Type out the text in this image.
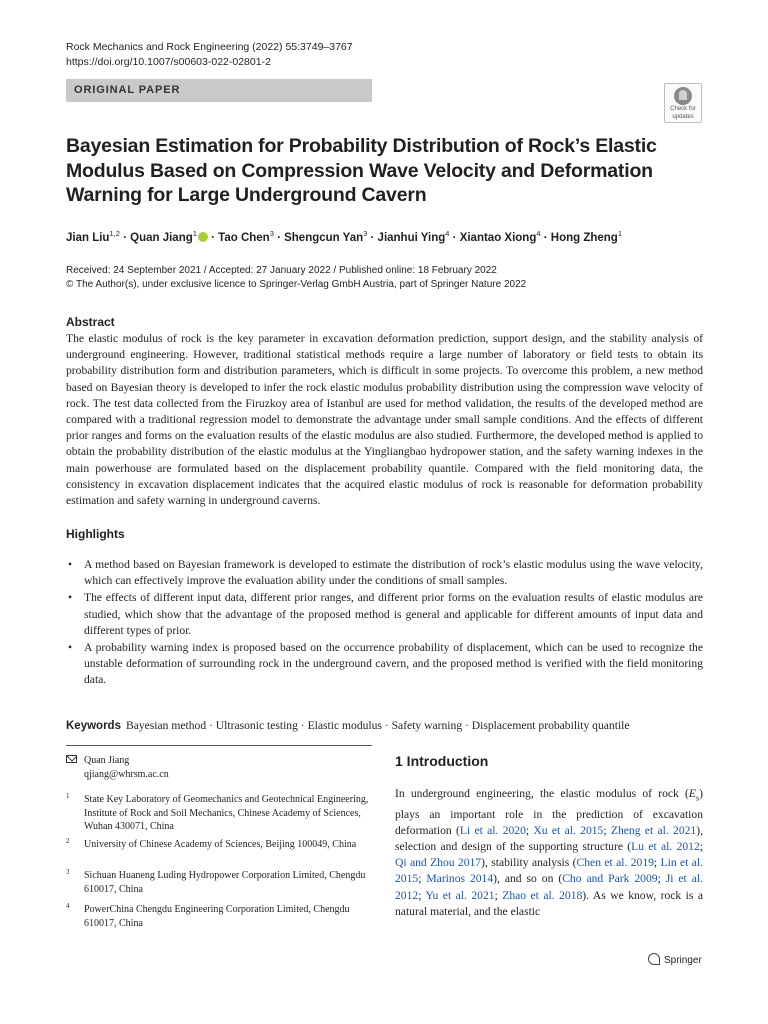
Rock Mechanics and Rock Engineering (2022) 55:3749–3767
https://doi.org/10.1007/s00603-022-02801-2
ORIGINAL PAPER
Check for
updates
Bayesian Estimation for Probability Distribution of Rock’s Elastic Modulus Based on Compression Wave Velocity and Deformation Warning for Large Underground Cavern
Jian Liu$^{1,2}$ · Quan Jiang$^1$ · Tao Chen$^3$ · Shengcun Yan$^3$ · Jianhui Ying$^4$ · Xiantao Xiong$^4$ · Hong Zheng$^1$
Received: 24 September 2021 / Accepted: 27 January 2022 / Published online: 18 February 2022
© The Author(s), under exclusive licence to Springer-Verlag GmbH Austria, part of Springer Nature 2022
Abstract
The elastic modulus of rock is the key parameter in excavation deformation prediction, support design, and the stability analysis of underground engineering. However, traditional statistical methods require a large number of laboratory or field tests to obtain its probability distribution form and distribution parameters, which is difficult in some projects. To overcome this problem, a new method based on Bayesian theory is developed to infer the rock elastic modulus probability distribution using the compression wave velocity of rock. The test data collected from the Firuzkoy area of Istanbul are used for method validation, the results of the developed method are compared with a traditional regression model to demonstrate the advantage under small sample conditions. And the effects of different prior ranges and forms on the evaluation results of the elastic modulus are also studied. Furthermore, the developed method is applied to obtain the probability distribution of the elastic modulus at the Yingliangbao hydropower station, and the safety warning indexes in the main powerhouse are formulated based on the displacement probability quantile. Compared with the field monitoring data, the consistency in excavation displacement indicates that the acquired elastic modulus of rock is reasonable for deformation probability estimation and safety warning in underground caverns.
Highlights
• A method based on Bayesian framework is developed to estimate the distribution of rock’s elastic modulus using the wave velocity, which can effectively improve the evaluation ability under the conditions of small samples.
• The effects of different input data, different prior ranges, and different prior forms on the evaluation results of elastic modulus are studied, which show that the advantage of the proposed method is general and applicable for different amounts of input data and different types of prior.
• A probability warning index is proposed based on the occurrence probability of displacement, which can be used to recognize the unstable deformation of surrounding rock in the underground cavern, and the proposed method is verified with the field monitoring data.
Keywords Bayesian method · Ultrasonic testing · Elastic modulus · Safety warning · Displacement probability quantile
Quan Jiang
qjiang@whrsm.ac.cn
1 State Key Laboratory of Geomechanics and Geotechnical Engineering, Institute of Rock and Soil Mechanics, Chinese Academy of Sciences, Wuhan 430071, China
2 University of Chinese Academy of Sciences, Beijing 100049, China
3 Sichuan Huaneng Luding Hydropower Corporation Limited, Chengdu 610017, China
4 PowerChina Chengdu Engineering Corporation Limited, Chengdu 610017, China
1 Introduction
In underground engineering, the elastic modulus of rock $(E_s)$ plays an important role in the prediction of excavation deformation (Li et al. 2020; Xu et al. 2015; Zheng et al. 2021), selection and design of the supporting structure (Lu et al. 2012; Qi and Zhou 2017), stability analysis (Chen et al. 2019; Lin et al. 2015; Marinos 2014), and so on (Cho and Park 2009; Ji et al. 2012; Yu et al. 2021; Zhao et al. 2018). As we know, rock is a natural material, and the elastic
Springer
